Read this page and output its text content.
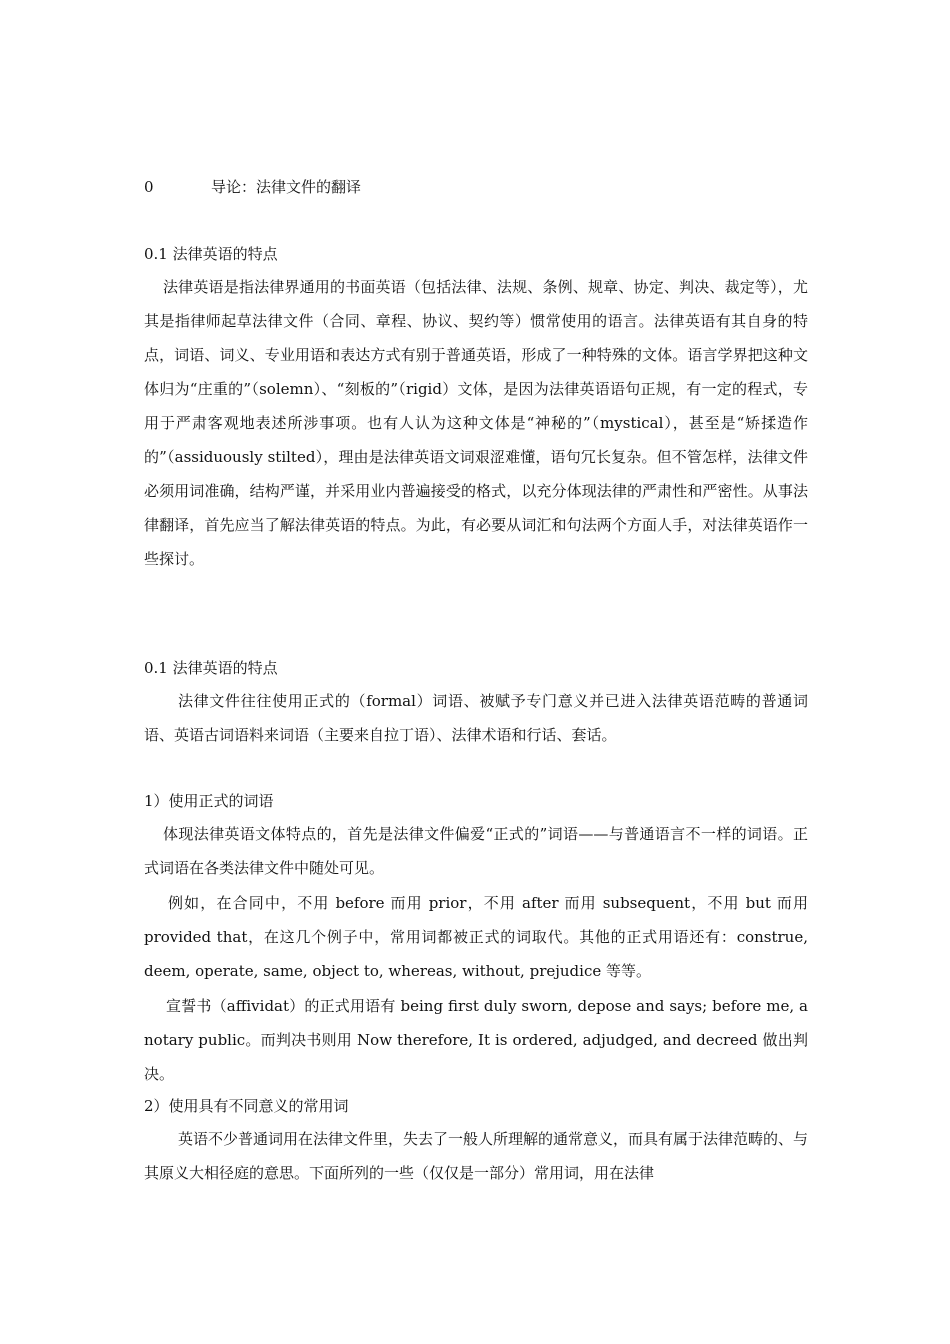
0	导论：法律文件的翻译
0.1 法律英语的特点

法律英语是指法律界通用的书面英语（包括法律、法规、条例、规章、协定、判决、裁定等），尤其是指律师起草法律文件（合同、章程、协议、契约等）惯常使用的语言。法律英语有其自身的特点，词语、词义、专业用语和表达方式有别于普通英语，形成了一种特殊的文体。语言学界把这种文体归为“庄重的”（solemn）、“刻板的”（rigid）文体，是因为法律英语语句正规，有一定的程式，专用于严肃客观地表述所涉事项。也有人认为这种文体是“神秘的”（mystical），甚至是“矫揉造作的”（assiduously stilted），理由是法律英语文词艰涩难懂，语句冗长复杂。但不管怎样，法律文件必须用词准确，结构严谨，并采用业内普遍接受的格式，以充分体现法律的严肃性和严密性。从事法律翻译，首先应当了解法律英语的特点。为此，有必要从词汇和句法两个方面人手，对法律英语作一些探讨。

0.1 法律英语的特点

法律文件往往使用正式的（formal）词语、被赋予专门意义并已进入法律英语范畴的普通词语、英语古词语料来词语（主要来自拉丁语）、法律术语和行话、套话。

1）使用正式的词语

体现法律英语文体特点的，首先是法律文件偏爱“正式的”词语——与普通语言不一样的词语。正式词语在各类法律文件中随处可见。

例如，在合同中，不用 before 而用 prior，不用 after 而用 subsequent，不用 but 而用 provided that，在这几个例子中，常用词都被正式的词取代。其他的正式用语还有：construe, deem, operate, same, object to, whereas, without, prejudice 等等。

宣誓书（affividat）的正式用语有 being first duly sworn, depose and says; before me, a notary public。而判决书则用 Now therefore, It is ordered, adjudged, and decreed 做出判决。

2）使用具有不同意义的常用词

英语不少普通词用在法律文件里，失去了一般人所理解的通常意义，而具有属于法律范畴的、与其原义大相径庭的意思。下面所列的一些（仅仅是一部分）常用词，用在法律
